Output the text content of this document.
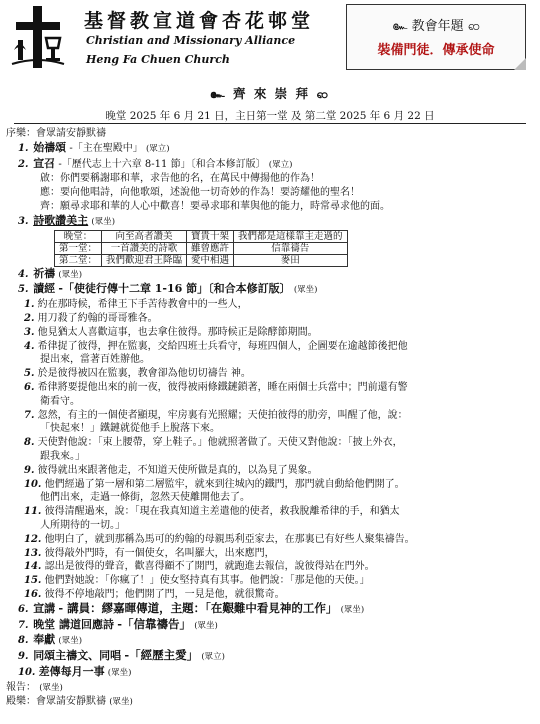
基督教宣道會杏花邨堂
Christian and Missionary Alliance
Heng Fa Chuen Church
๛ 教會年題 ၹ
裝備門徒．傳承使命
๛ 齊 來 崇 拜 ၹ
晚堂 2025 年 6 月 21 日，主日第一堂 及 第二堂 2025 年 6 月 22 日
序樂：會眾請安靜默禱
1. 始禱頌 -「主在聖殿中」 (眾立)
2. 宣召 -「歷代志上十六章 8-11 節」〔和合本修訂版〕 (眾立)
啟：你們要稱謝耶和華，求告他的名，在萬民中傳揚他的作為！
應：要向他唱詩，向他歌頌，述說他一切奇妙的作為！要誇耀他的聖名！
齊：願尋求耶和華的人心中歡喜！要尋求耶和華與他的能力，時常尋求他的面。
3. 詩歌讚美主 (眾坐)
晚堂：	向至高者讚美	寶貴十架	我們都是這樣靠主走過的
第一堂：	一首讚美的詩歌	雖曾應許	信靠禱告
第二堂：	我們歡迎君王降臨	愛中相遇	麥田
4. 祈禱 (眾坐)
5. 讀經 -「使徒行傳十二章 1-16 節」〔和合本修訂版〕 (眾坐)
1. 約在那時候，希律王下手苦待教會中的一些人，
2. 用刀殺了約翰的哥哥雅各。
3. 他見猶太人喜歡這事，也去拿住彼得。那時候正是除酵節期間。
4. 希律捉了彼得，押在監裏，交給四班士兵看守，每班四個人，企圖要在逾越節後把他
提出來，當著百姓辦他。
5. 於是彼得被囚在監裏，教會卻為他切切禱告 神。
6. 希律將要提他出來的前一夜，彼得被兩條鐵鏈鎖著，睡在兩個士兵當中；門前還有警
衛看守。
7. 忽然，有主的一個使者顯現，牢房裏有光照耀；天使拍彼得的肋旁，叫醒了他，說：
「快起來！」鐵鏈就從他手上脫落下來。
8. 天使對他說：「束上腰帶，穿上鞋子。」他就照著做了。天使又對他說：「披上外衣，
跟我來。」
9. 彼得就出來跟著他走，不知道天使所做是真的，以為見了異象。
10. 他們經過了第一層和第二層監牢，就來到往城內的鐵門，那門就自動給他們開了。
他們出來，走過一條街，忽然天使離開他去了。
11. 彼得清醒過來，說：「現在我真知道主差遣他的使者，救我脫離希律的手，和猶太
人所期待的一切。」
12. 他明白了，就到那稱為馬可的約翰的母親馬利亞家去，在那裏已有好些人聚集禱告。
13. 彼得敲外門時，有一個使女，名叫羅大，出來應門，
14. 認出是彼得的聲音，歡喜得顧不了開門，就跑進去報信，說彼得站在門外。
15. 他們對她說：「你瘋了！」使女堅持真有其事。他們說：「那是他的天使。」
16. 彼得不停地敲門；他們開了門，一見是他，就很驚奇。
6. 宣講 - 講員：繆嘉暉傳道，主題：「在艱難中看見神的工作」 (眾坐)
7. 晚堂 講道回應詩 -「信靠禱告」 (眾坐)
8. 奉獻 (眾坐)
9. 同頌主禱文、同唱 -「經歷主愛」 (眾立)
10. 差傳每月一事 (眾坐)
報告： (眾坐)
殿樂：會眾請安靜默禱 (眾坐)
